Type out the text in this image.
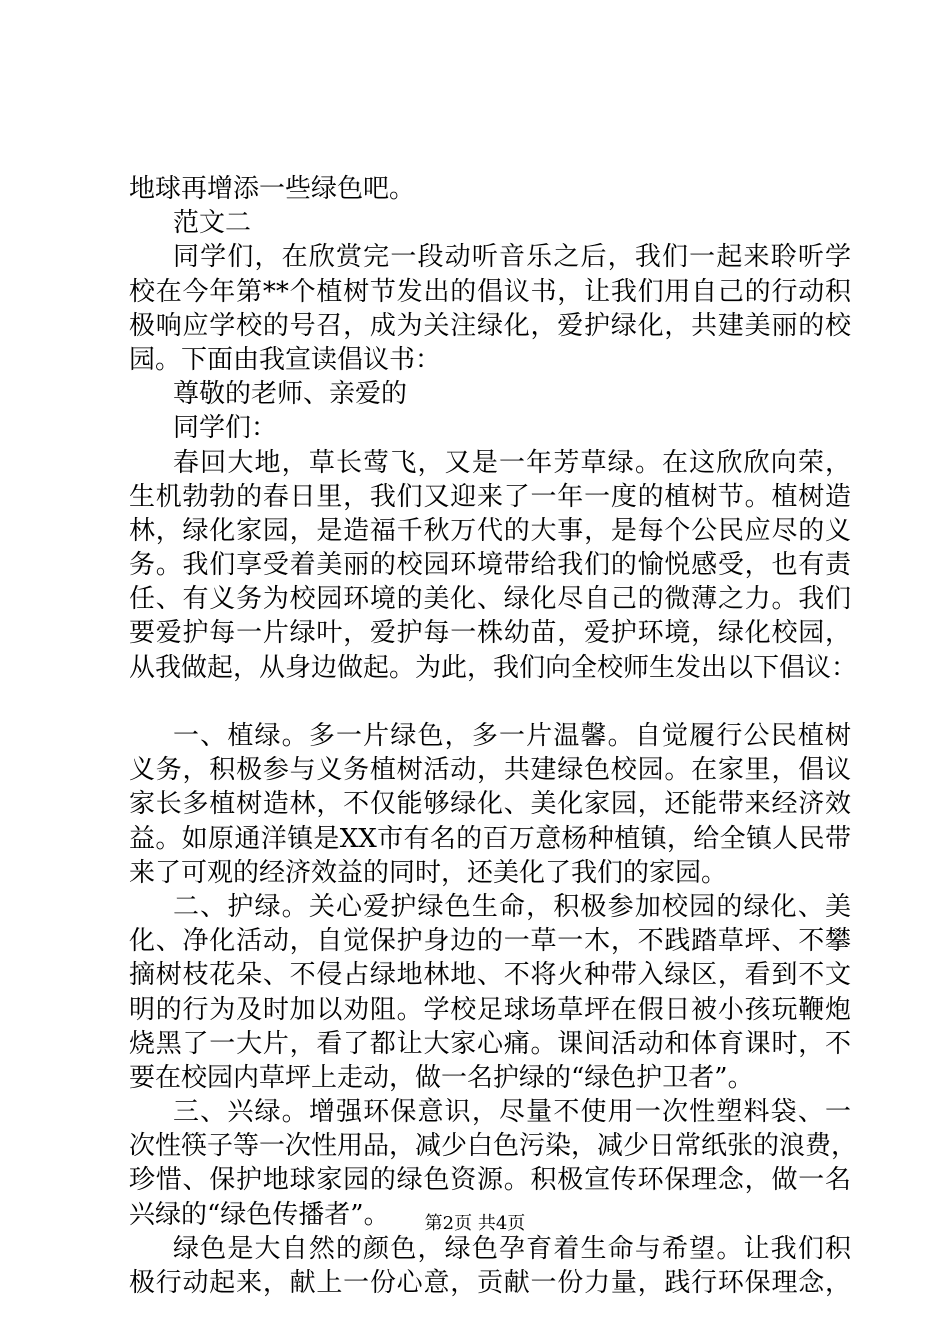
地球再增添一些绿色吧。
范文二
同学们，在欣赏完一段动听音乐之后，我们一起来聆听学
校在今年第**个植树节发出的倡议书，让我们用自己的行动积
极响应学校的号召，成为关注绿化，爱护绿化，共建美丽的校
园。下面由我宣读倡议书：
尊敬的老师、亲爱的
同学们：
春回大地，草长莺飞，又是一年芳草绿。在这欣欣向荣，
生机勃勃的春日里，我们又迎来了一年一度的植树节。植树造
林，绿化家园，是造福千秋万代的大事，是每个公民应尽的义
务。我们享受着美丽的校园环境带给我们的愉悦感受，也有责
任、有义务为校园环境的美化、绿化尽自己的微薄之力。我们
要爱护每一片绿叶，爱护每一株幼苗，爱护环境，绿化校园，
从我做起，从身边做起。为此，我们向全校师生发出以下倡议：
一、植绿。多一片绿色，多一片温馨。自觉履行公民植树
义务，积极参与义务植树活动，共建绿色校园。在家里，倡议
家长多植树造林，不仅能够绿化、美化家园，还能带来经济效
益。如原通洋镇是XX市有名的百万意杨种植镇，给全镇人民带
来了可观的经济效益的同时，还美化了我们的家园。
二、护绿。关心爱护绿色生命，积极参加校园的绿化、美
化、净化活动，自觉保护身边的一草一木，不践踏草坪、不攀
摘树枝花朵、不侵占绿地林地、不将火种带入绿区，看到不文
明的行为及时加以劝阻。学校足球场草坪在假日被小孩玩鞭炮
烧黑了一大片，看了都让大家心痛。课间活动和体育课时，不
要在校园内草坪上走动，做一名护绿的“绿色护卫者”。
三、兴绿。增强环保意识，尽量不使用一次性塑料袋、一
次性筷子等一次性用品，减少白色污染，减少日常纸张的浪费，
珍惜、保护地球家园的绿色资源。积极宣传环保理念，做一名
兴绿的“绿色传播者”。
绿色是大自然的颜色，绿色孕育着生命与希望。让我们积
极行动起来，献上一份心意，贡献一份力量，践行环保理念，
第2页 共4页
